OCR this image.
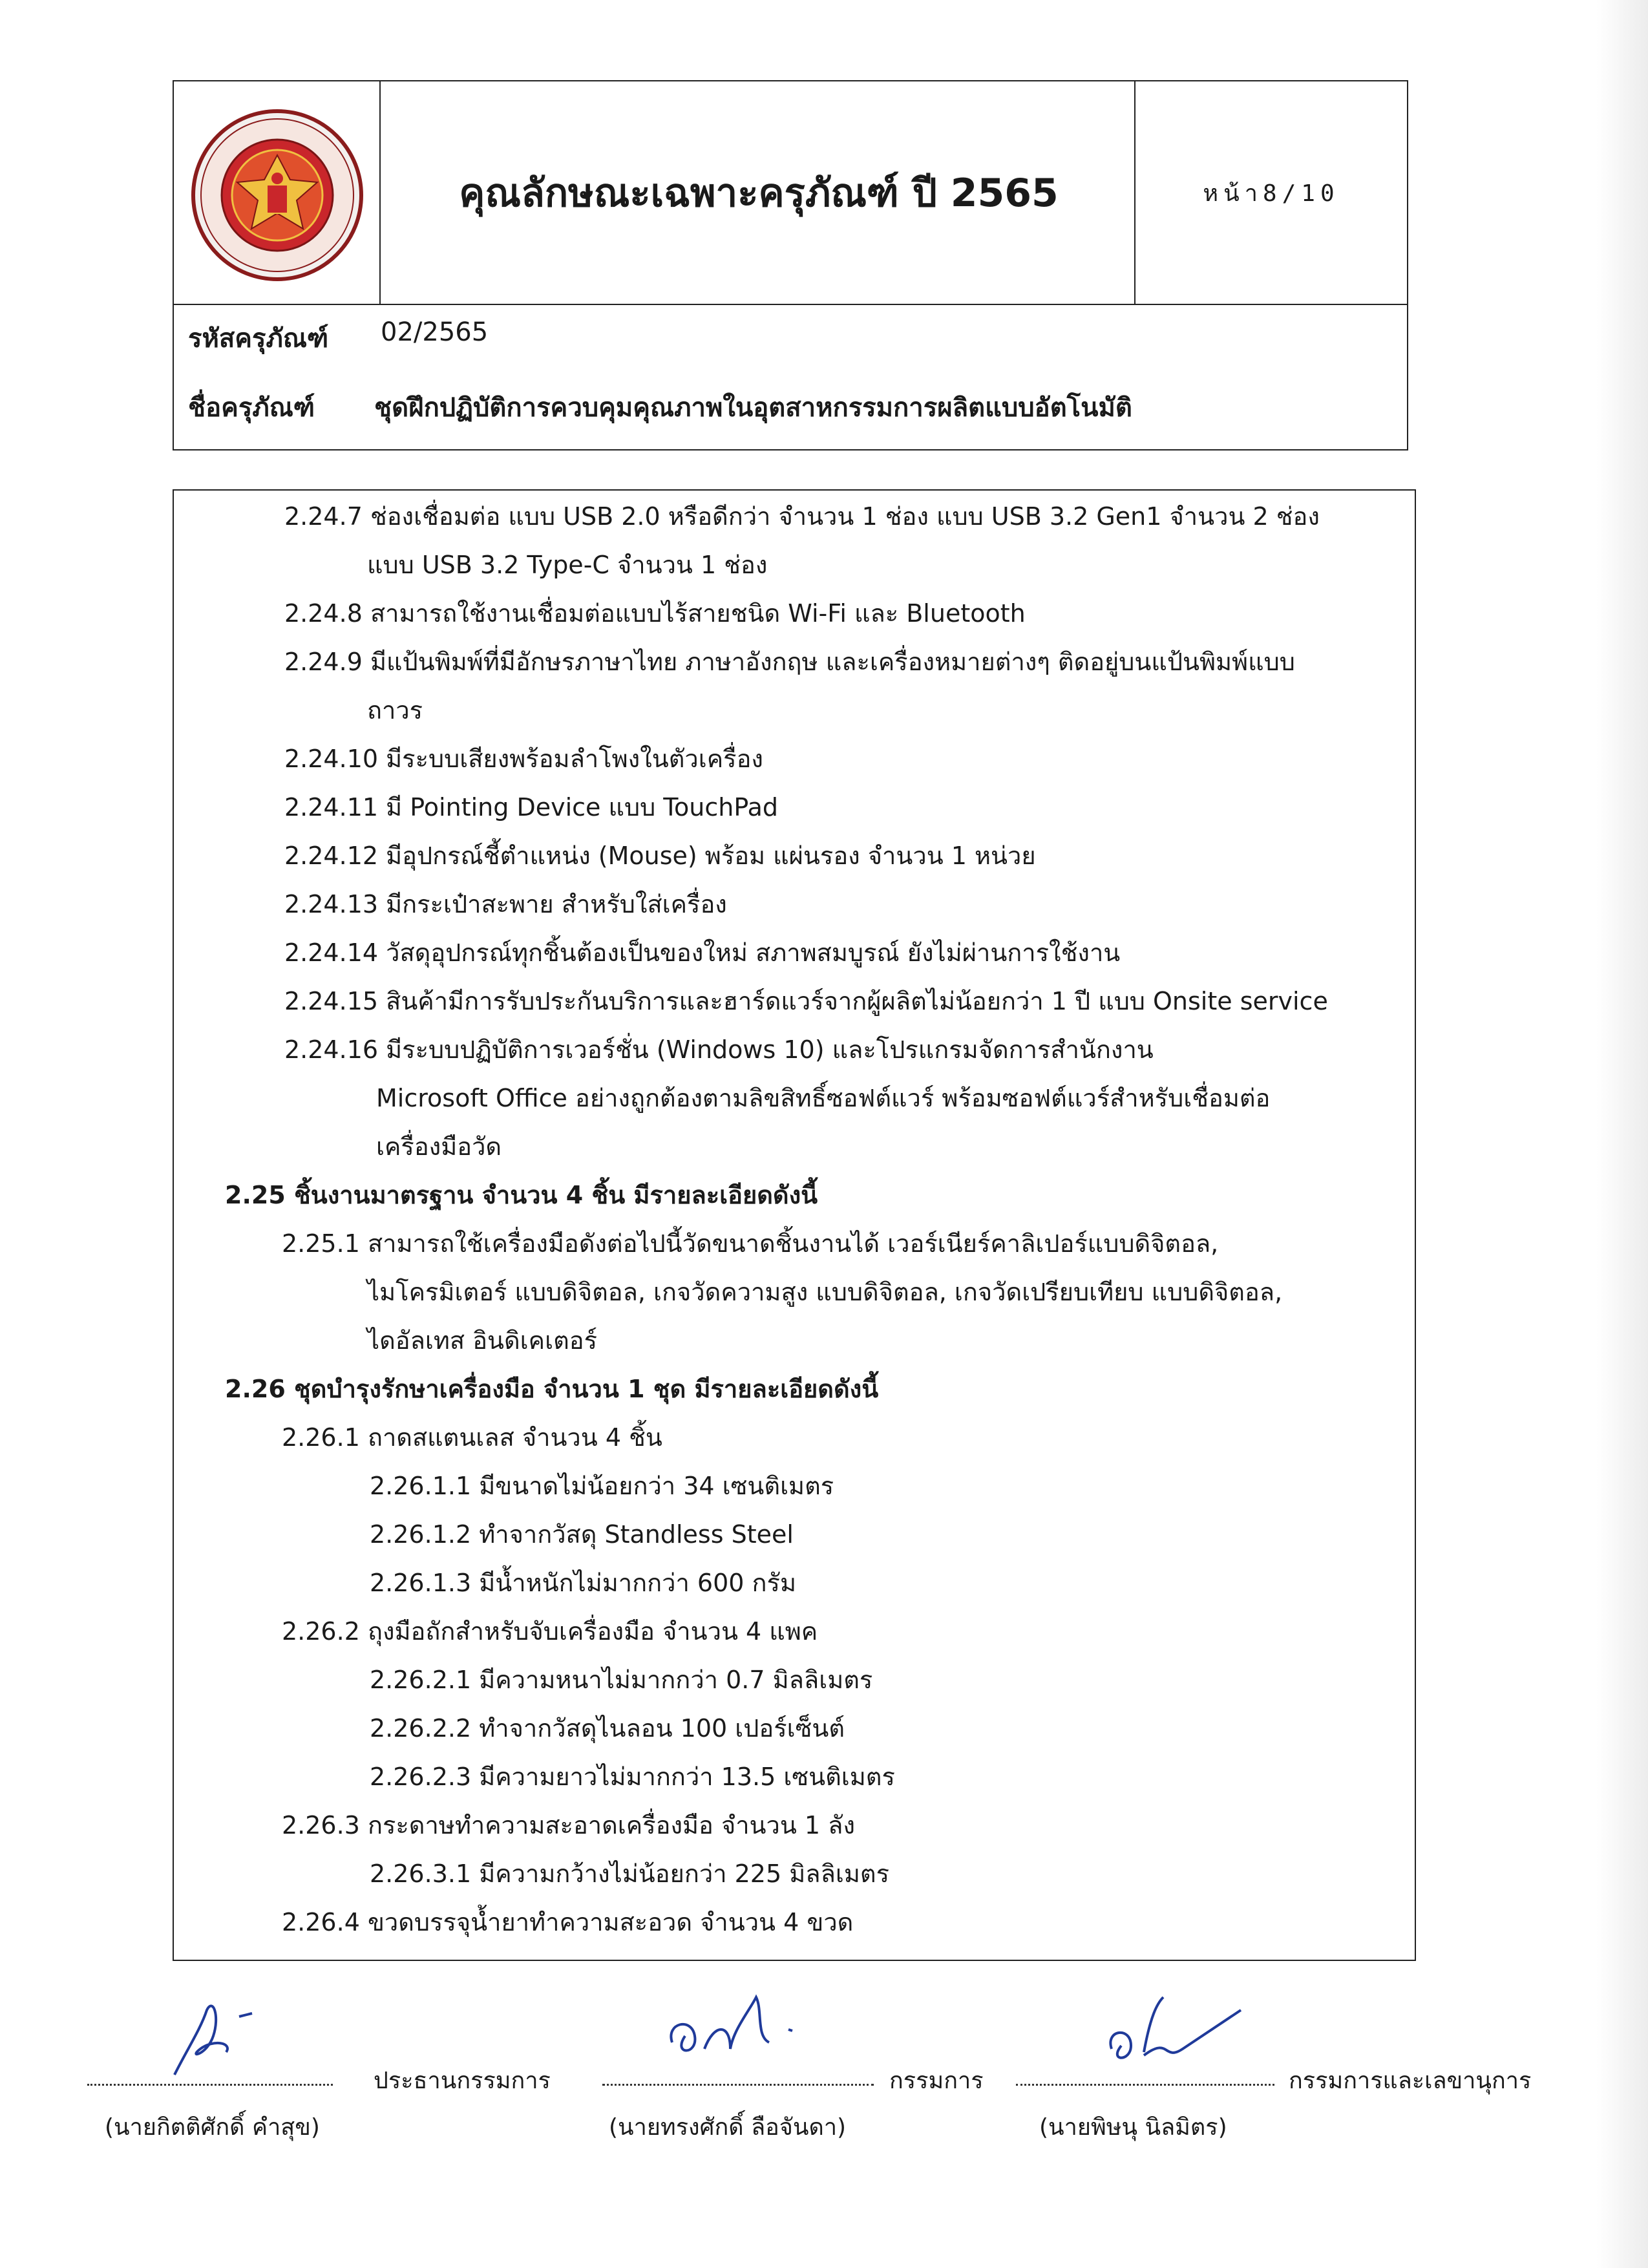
คุณลักษณะเฉพาะครุภัณฑ์ ปี 2565	หน้า8/10
รหัสครุภัณฑ์ 02/2565
ชื่อครุภัณฑ์ ชุดฝึกปฏิบัติการควบคุมคุณภาพในอุตสาหกรรมการผลิตแบบอัตโนมัติ
2.24.7 ช่องเชื่อมต่อ แบบ USB 2.0 หรือดีกว่า จำนวน 1 ช่อง แบบ USB 3.2 Gen1 จำนวน 2 ช่อง
แบบ USB 3.2 Type-C จำนวน 1 ช่อง
2.24.8 สามารถใช้งานเชื่อมต่อแบบไร้สายชนิด Wi-Fi และ Bluetooth
2.24.9 มีแป้นพิมพ์ที่มีอักษรภาษาไทย ภาษาอังกฤษ และเครื่องหมายต่างๆ ติดอยู่บนแป้นพิมพ์แบบ
ถาวร
2.24.10 มีระบบเสียงพร้อมลำโพงในตัวเครื่อง
2.24.11 มี Pointing Device แบบ TouchPad
2.24.12 มีอุปกรณ์ชี้ตำแหน่ง (Mouse) พร้อม แผ่นรอง จำนวน 1 หน่วย
2.24.13 มีกระเป๋าสะพาย สำหรับใส่เครื่อง
2.24.14 วัสดุอุปกรณ์ทุกชิ้นต้องเป็นของใหม่ สภาพสมบูรณ์ ยังไม่ผ่านการใช้งาน
2.24.15 สินค้ามีการรับประกันบริการและฮาร์ดแวร์จากผู้ผลิตไม่น้อยกว่า 1 ปี แบบ Onsite service
2.24.16 มีระบบปฏิบัติการเวอร์ชั่น (Windows 10) และโปรแกรมจัดการสำนักงาน
Microsoft Office อย่างถูกต้องตามลิขสิทธิ์ซอฟต์แวร์ พร้อมซอฟต์แวร์สำหรับเชื่อมต่อ
เครื่องมือวัด
2.25 ชิ้นงานมาตรฐาน จำนวน 4 ชิ้น มีรายละเอียดดังนี้
2.25.1 สามารถใช้เครื่องมือดังต่อไปนี้วัดขนาดชิ้นงานได้ เวอร์เนียร์คาลิเปอร์แบบดิจิตอล,
ไมโครมิเตอร์ แบบดิจิตอล, เกจวัดความสูง แบบดิจิตอล, เกจวัดเปรียบเทียบ แบบดิจิตอล,
ไดอัลเทส อินดิเคเตอร์
2.26 ชุดบำรุงรักษาเครื่องมือ จำนวน 1 ชุด มีรายละเอียดดังนี้
2.26.1 ถาดสแตนเลส จำนวน 4 ชิ้น
2.26.1.1 มีขนาดไม่น้อยกว่า 34 เซนติเมตร
2.26.1.2 ทำจากวัสดุ Standless Steel
2.26.1.3 มีน้ำหนักไม่มากกว่า 600 กรัม
2.26.2 ถุงมือถักสำหรับจับเครื่องมือ จำนวน 4 แพค
2.26.2.1 มีความหนาไม่มากกว่า 0.7 มิลลิเมตร
2.26.2.2 ทำจากวัสดุไนลอน 100 เปอร์เซ็นต์
2.26.2.3 มีความยาวไม่มากกว่า 13.5 เซนติเมตร
2.26.3 กระดาษทำความสะอาดเครื่องมือ จำนวน 1 ลัง
2.26.3.1 มีความกว้างไม่น้อยกว่า 225 มิลลิเมตร
2.26.4 ขวดบรรจุน้ำยาทำความสะอวด จำนวน 4 ขวด
ประธานกรรมการ
(นายกิตติศักดิ์ คำสุข)
กรรมการ
(นายทรงศักดิ์ ลือจันดา)
กรรมการและเลขานุการ
(นายพิษนุ นิลมิตร)
